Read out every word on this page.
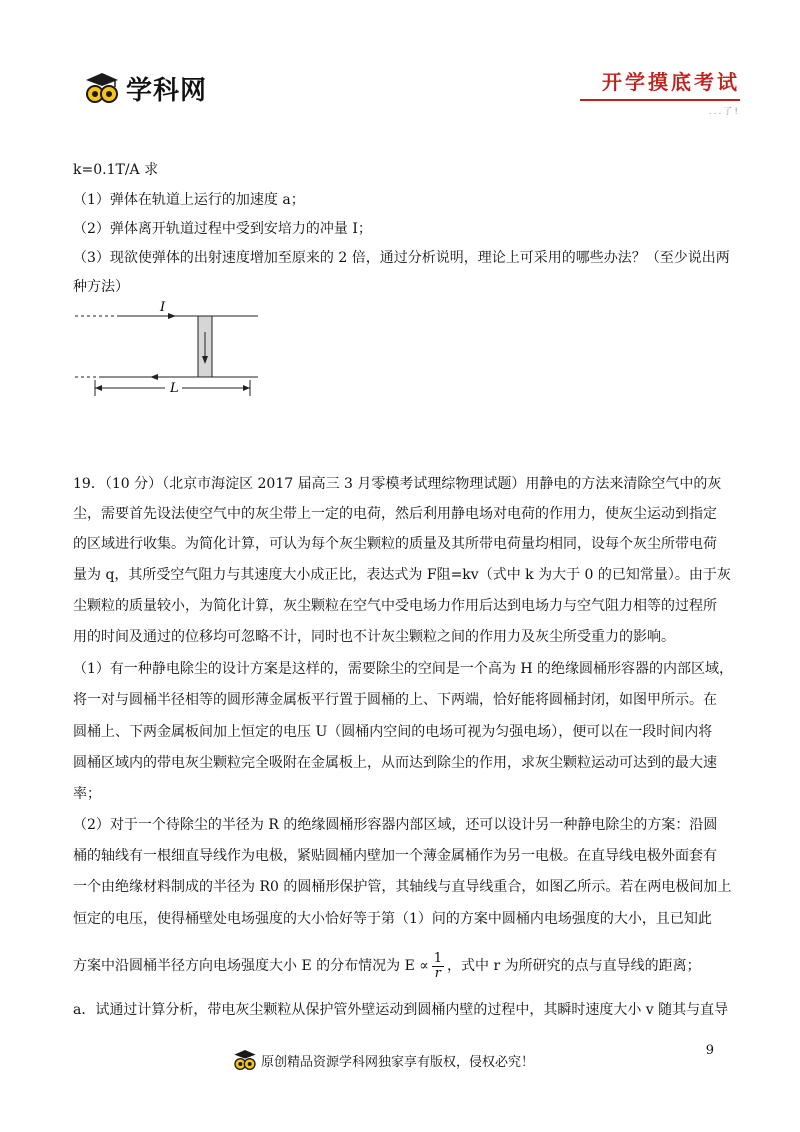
学科网	开学摸底考试
...了!
k=0.1T/A 求
（1）弹体在轨道上运行的加速度 a；
（2）弹体离开轨道过程中受到安培力的冲量 I；
（3）现欲使弹体的出射速度增加至原来的 2 倍，通过分析说明，理论上可采用的哪些办法？（至少说出两
种方法）
I
L
19．（10 分）（北京市海淀区 2017 届高三 3 月零模考试理综物理试题）用静电的方法来清除空气中的灰
尘，需要首先设法使空气中的灰尘带上一定的电荷，然后利用静电场对电荷的作用力，使灰尘运动到指定
的区域进行收集。为简化计算，可认为每个灰尘颗粒的质量及其所带电荷量均相同，设每个灰尘所带电荷
量为 q，其所受空气阻力与其速度大小成正比，表达式为 F阻=kv（式中 k 为大于 0 的已知常量）。由于灰
尘颗粒的质量较小，为简化计算，灰尘颗粒在空气中受电场力作用后达到电场力与空气阻力相等的过程所
用的时间及通过的位移均可忽略不计，同时也不计灰尘颗粒之间的作用力及灰尘所受重力的影响。
（1）有一种静电除尘的设计方案是这样的，需要除尘的空间是一个高为 H 的绝缘圆桶形容器的内部区域，
将一对与圆桶半径相等的圆形薄金属板平行置于圆桶的上、下两端，恰好能将圆桶封闭，如图甲所示。在
圆桶上、下两金属板间加上恒定的电压 U（圆桶内空间的电场可视为匀强电场），便可以在一段时间内将
圆桶区域内的带电灰尘颗粒完全吸附在金属板上，从而达到除尘的作用，求灰尘颗粒运动可达到的最大速
率；
（2）对于一个待除尘的半径为 R 的绝缘圆桶形容器内部区域，还可以设计另一种静电除尘的方案：沿圆
桶的轴线有一根细直导线作为电极，紧贴圆桶内壁加一个薄金属桶作为另一电极。在直导线电极外面套有
一个由绝缘材料制成的半径为 R0 的圆桶形保护管，其轴线与直导线重合，如图乙所示。若在两电极间加上
恒定的电压，使得桶壁处电场强度的大小恰好等于第（1）问的方案中圆桶内电场强度的大小，且已知此
方案中沿圆桶半径方向电场强度大小 E 的分布情况为 $E \propto \frac{1}{r}$ ，式中 r 为所研究的点与直导线的距离；
a．试通过计算分析，带电灰尘颗粒从保护管外壁运动到圆桶内壁的过程中，其瞬时速度大小 v 随其与直导
9
原创精品资源学科网独家享有版权，侵权必究！
